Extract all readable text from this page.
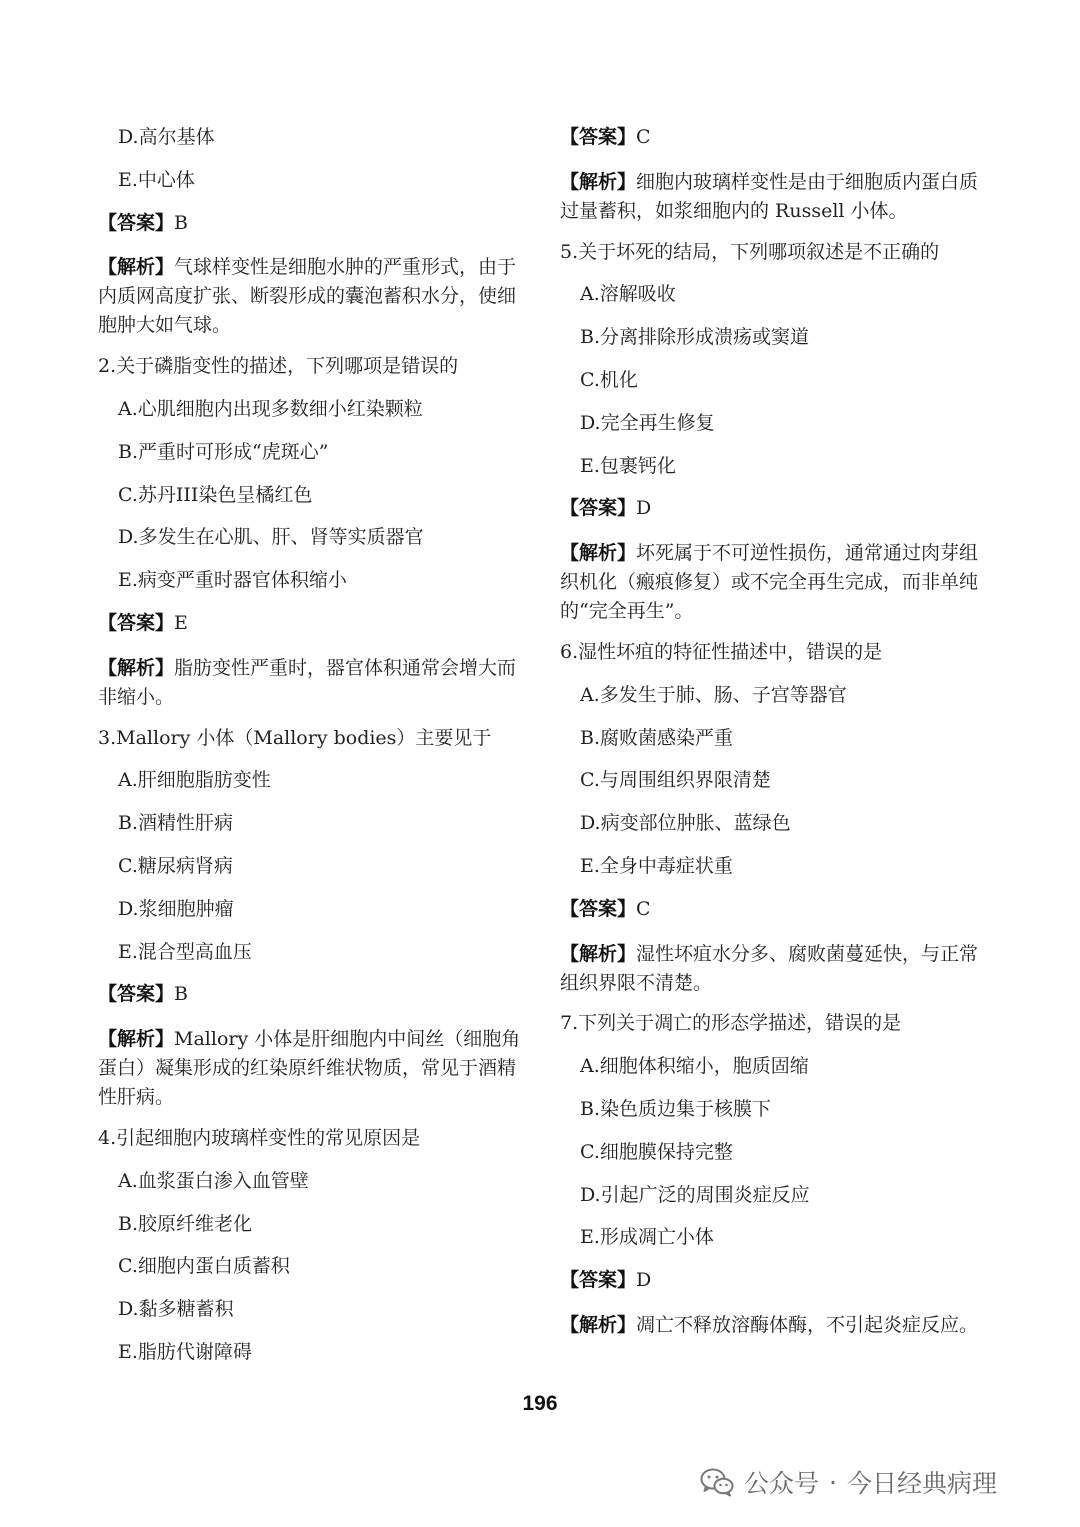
D.高尔基体
E.中心体
【答案】B
【解析】气球样变性是细胞水肿的严重形式，由于内质网高度扩张、断裂形成的囊泡蓄积水分，使细胞肿大如气球。
2.关于磷脂变性的描述，下列哪项是错误的
A.心肌细胞内出现多数细小红染颗粒
B.严重时可形成“虎斑心”
C.苏丹III染色呈橘红色
D.多发生在心肌、肝、肾等实质器官
E.病变严重时器官体积缩小
【答案】E
【解析】脂肪变性严重时，器官体积通常会增大而非缩小。
3.Mallory 小体（Mallory bodies）主要见于
A.肝细胞脂肪变性
B.酒精性肝病
C.糖尿病肾病
D.浆细胞肿瘤
E.混合型高血压
【答案】B
【解析】Mallory 小体是肝细胞内中间丝（细胞角蛋白）凝集形成的红染原纤维状物质，常见于酒精性肝病。
4.引起细胞内玻璃样变性的常见原因是
A.血浆蛋白渗入血管壁
B.胶原纤维老化
C.细胞内蛋白质蓄积
D.黏多糖蓄积
E.脂肪代谢障碍
【答案】C
【解析】细胞内玻璃样变性是由于细胞质内蛋白质过量蓄积，如浆细胞内的 Russell 小体。
5.关于坏死的结局，下列哪项叙述是不正确的
A.溶解吸收
B.分离排除形成溃疡或窦道
C.机化
D.完全再生修复
E.包裹钙化
【答案】D
【解析】坏死属于不可逆性损伤，通常通过肉芽组织机化（瘢痕修复）或不完全再生完成，而非单纯的“完全再生”。
6.湿性坏疽的特征性描述中，错误的是
A.多发生于肺、肠、子宫等器官
B.腐败菌感染严重
C.与周围组织界限清楚
D.病变部位肿胀、蓝绿色
E.全身中毒症状重
【答案】C
【解析】湿性坏疽水分多、腐败菌蔓延快，与正常组织界限不清楚。
7.下列关于凋亡的形态学描述，错误的是
A.细胞体积缩小，胞质固缩
B.染色质边集于核膜下
C.细胞膜保持完整
D.引起广泛的周围炎症反应
E.形成凋亡小体
【答案】D
【解析】凋亡不释放溶酶体酶，不引起炎症反应。
196
公众号 · 今日经典病理
